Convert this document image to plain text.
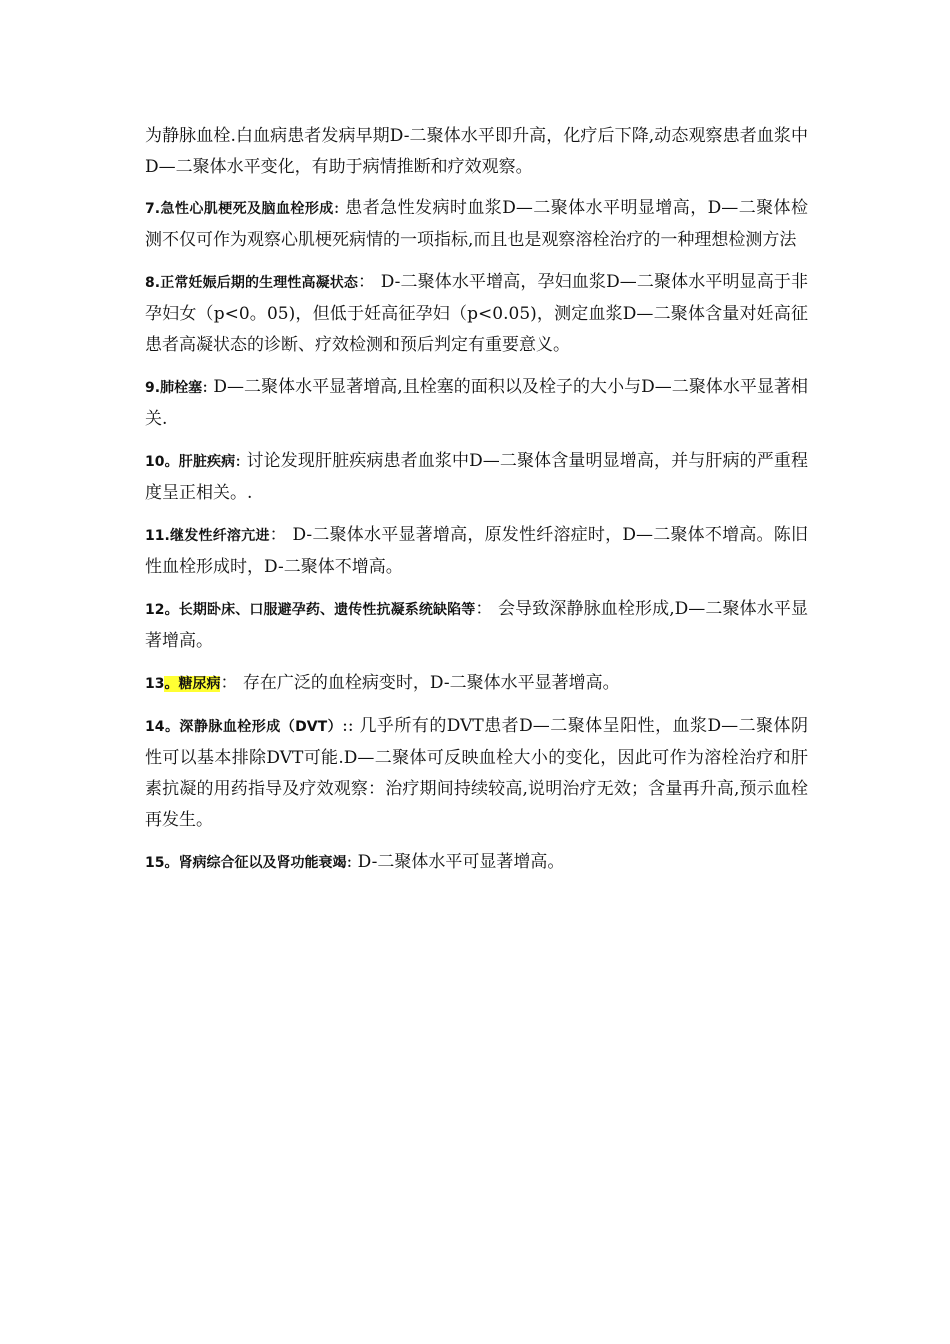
为静脉血栓.白血病患者发病早期D-二聚体水平即升高，化疗后下降,动态观察患者血浆中D—二聚体水平变化，有助于病情推断和疗效观察。

7.急性心肌梗死及脑血栓形成: 患者急性发病时血浆D—二聚体水平明显增高，D—二聚体检测不仅可作为观察心肌梗死病情的一项指标,而且也是观察溶栓治疗的一种理想检测方法

8.正常妊娠后期的生理性高凝状态： D-二聚体水平增高，孕妇血浆D—二聚体水平明显高于非孕妇女（p<0。05)，但低于妊高征孕妇（p<0.05)，测定血浆D—二聚体含量对妊高征患者高凝状态的诊断、疗效检测和预后判定有重要意义。

9.肺栓塞: D—二聚体水平显著增高,且栓塞的面积以及栓子的大小与D—二聚体水平显著相关.

10。肝脏疾病: 讨论发现肝脏疾病患者血浆中D—二聚体含量明显增高，并与肝病的严重程度呈正相关。.

11.继发性纤溶亢进： D-二聚体水平显著增高，原发性纤溶症时，D—二聚体不增高。陈旧性血栓形成时，D-二聚体不增高。

12。长期卧床、口服避孕药、遗传性抗凝系统缺陷等： 会导致深静脉血栓形成,D—二聚体水平显著增高。

13。糖尿病： 存在广泛的血栓病变时，D-二聚体水平显著增高。

14。深静脉血栓形成（DVT）:: 几乎所有的DVT患者D—二聚体呈阳性，血浆D—二聚体阴性可以基本排除DVT可能.D—二聚体可反映血栓大小的变化，因此可作为溶栓治疗和肝素抗凝的用药指导及疗效观察：治疗期间持续较高,说明治疗无效；含量再升高,预示血栓再发生。

15。肾病综合征以及肾功能衰竭: D-二聚体水平可显著增高。
